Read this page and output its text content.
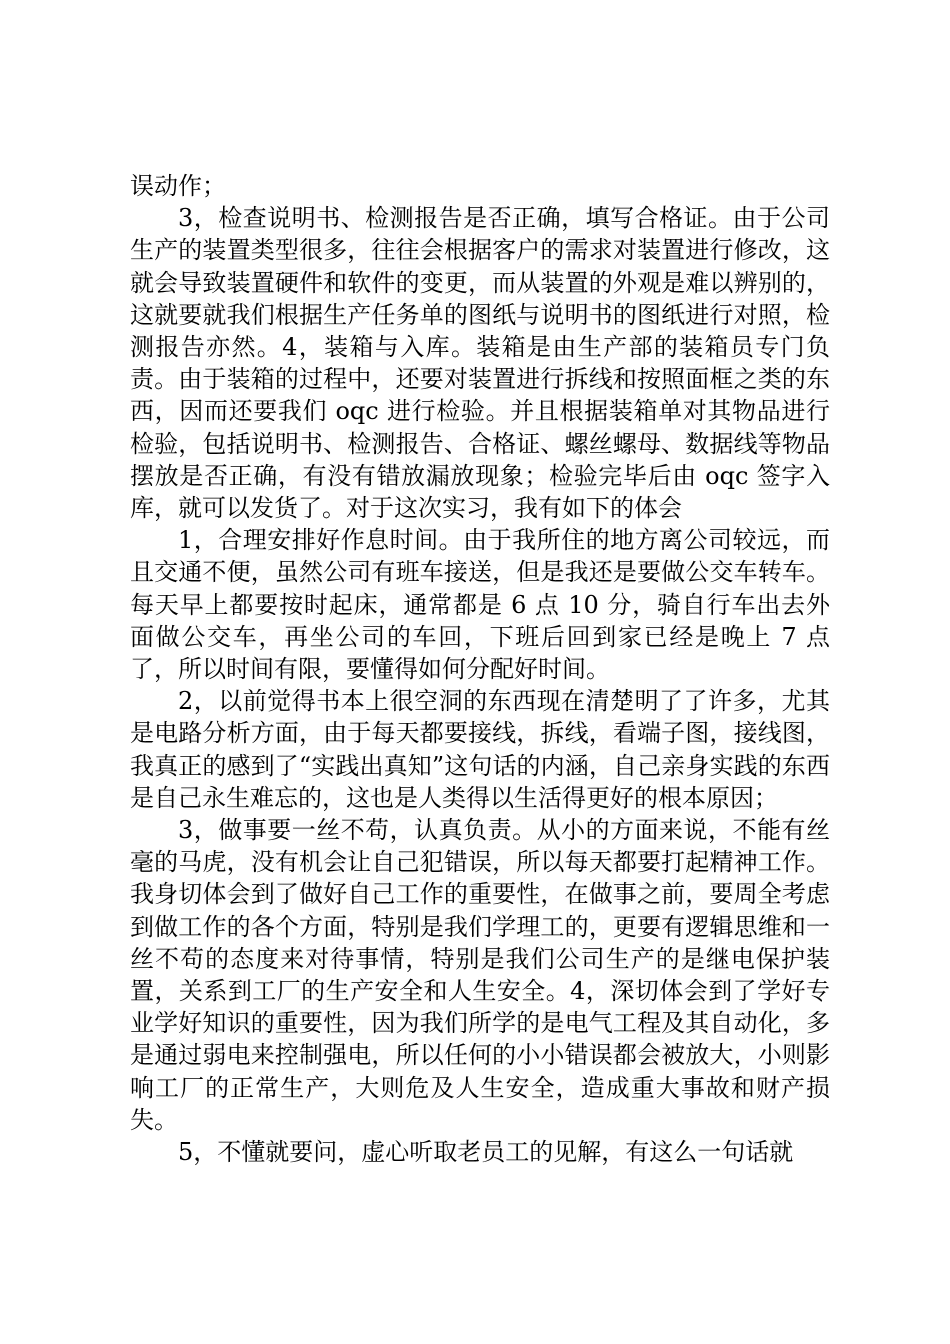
误动作；

3，检查说明书、检测报告是否正确，填写合格证。由于公司生产的装置类型很多，往往会根据客户的需求对装置进行修改，这就会导致装置硬件和软件的变更，而从装置的外观是难以辨别的，这就要就我们根据生产任务单的图纸与说明书的图纸进行对照，检测报告亦然。4，装箱与入库。装箱是由生产部的装箱员专门负责。由于装箱的过程中，还要对装置进行拆线和按照面框之类的东西，因而还要我们 oqc 进行检验。并且根据装箱单对其物品进行检验，包括说明书、检测报告、合格证、螺丝螺母、数据线等物品摆放是否正确，有没有错放漏放现象；检验完毕后由 oqc 签字入库，就可以发货了。对于这次实习，我有如下的体会

1，合理安排好作息时间。由于我所住的地方离公司较远，而且交通不便，虽然公司有班车接送，但是我还是要做公交车转车。每天早上都要按时起床，通常都是 6 点 10 分，骑自行车出去外面做公交车，再坐公司的车回，下班后回到家已经是晚上 7 点了，所以时间有限，要懂得如何分配好时间。

2，以前觉得书本上很空洞的东西现在清楚明了了许多，尤其是电路分析方面，由于每天都要接线，拆线，看端子图，接线图，我真正的感到了“实践出真知”这句话的内涵，自己亲身实践的东西是自己永生难忘的，这也是人类得以生活得更好的根本原因；

3，做事要一丝不苟，认真负责。从小的方面来说，不能有丝毫的马虎，没有机会让自己犯错误，所以每天都要打起精神工作。我身切体会到了做好自己工作的重要性，在做事之前，要周全考虑到做工作的各个方面，特别是我们学理工的，更要有逻辑思维和一丝不苟的态度来对待事情，特别是我们公司生产的是继电保护装置，关系到工厂的生产安全和人生安全。4，深切体会到了学好专业学好知识的重要性，因为我们所学的是电气工程及其自动化，多是通过弱电来控制强电，所以任何的小小错误都会被放大，小则影响工厂的正常生产，大则危及人生安全，造成重大事故和财产损失。

5，不懂就要问，虚心听取老员工的见解，有这么一句话就
